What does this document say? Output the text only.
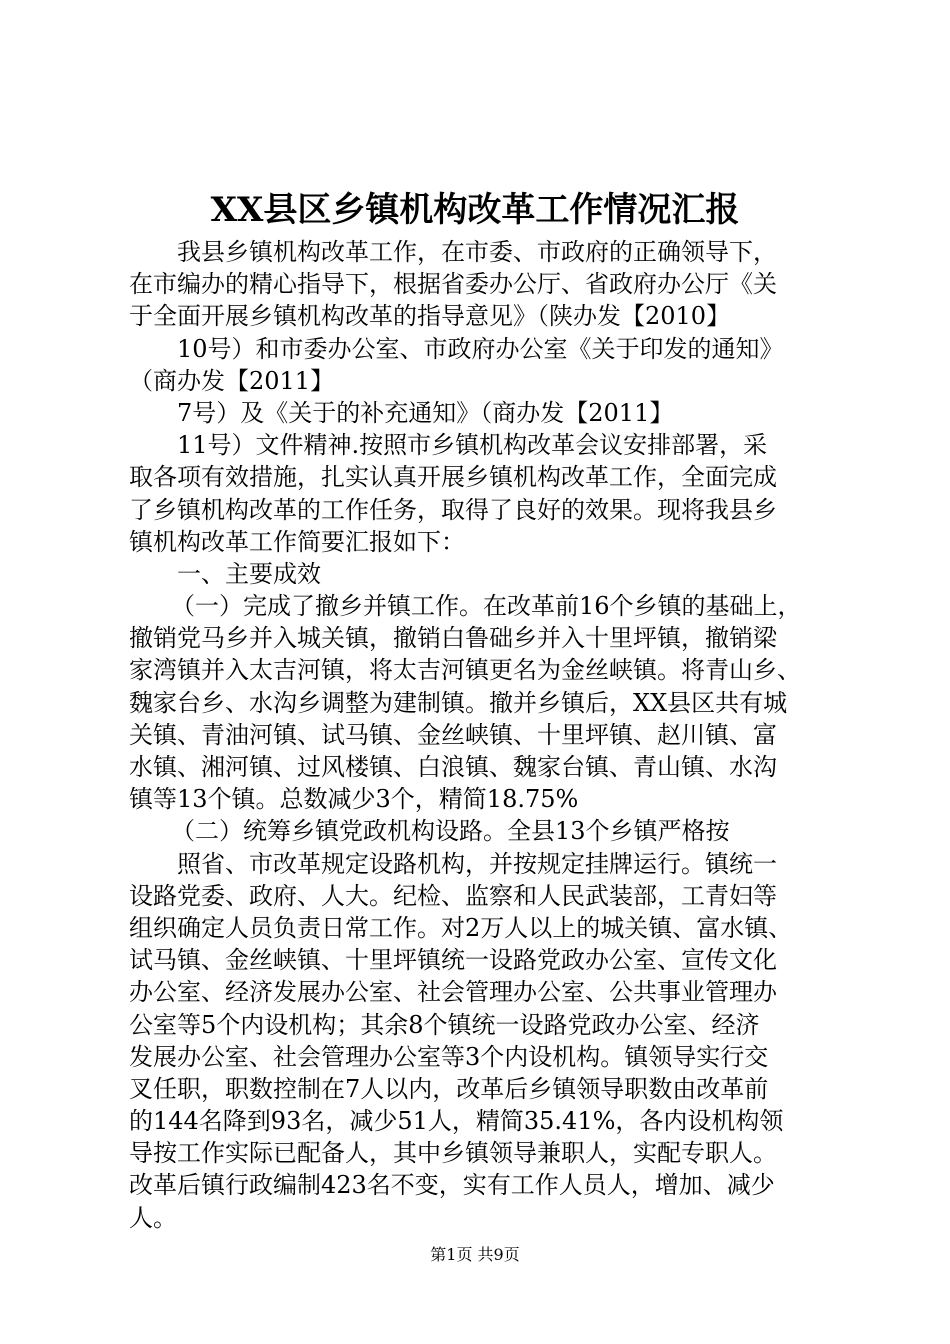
XX县区乡镇机构改革工作情况汇报
我县乡镇机构改革工作，在市委、市政府的正确领导下，
在市编办的精心指导下，根据省委办公厅、省政府办公厅《关
于全面开展乡镇机构改革的指导意见》（陕办发【2010】
10号）和市委办公室、市政府办公室《关于印发的通知》
（商办发【2011】
7号）及《关于的补充通知》（商办发【2011】
11号）文件精神.按照市乡镇机构改革会议安排部署，采
取各项有效措施，扎实认真开展乡镇机构改革工作，全面完成
了乡镇机构改革的工作任务，取得了良好的效果。现将我县乡
镇机构改革工作简要汇报如下：
一、主要成效
（一）完成了撤乡并镇工作。在改革前16个乡镇的基础上，
撤销党马乡并入城关镇，撤销白鲁础乡并入十里坪镇，撤销梁
家湾镇并入太吉河镇，将太吉河镇更名为金丝峡镇。将青山乡、
魏家台乡、水沟乡调整为建制镇。撤并乡镇后，XX县区共有城
关镇、青油河镇、试马镇、金丝峡镇、十里坪镇、赵川镇、富
水镇、湘河镇、过风楼镇、白浪镇、魏家台镇、青山镇、水沟
镇等13个镇。总数减少3个，精简18.75%
（二）统筹乡镇党政机构设路。全县13个乡镇严格按
照省、市改革规定设路机构，并按规定挂牌运行。镇统一
设路党委、政府、人大。纪检、监察和人民武装部，工青妇等
组织确定人员负责日常工作。对2万人以上的城关镇、富水镇、
试马镇、金丝峡镇、十里坪镇统一设路党政办公室、宣传文化
办公室、经济发展办公室、社会管理办公室、公共事业管理办
公室等5个内设机构；其余8个镇统一设路党政办公室、经济
发展办公室、社会管理办公室等3个内设机构。镇领导实行交
叉任职，职数控制在7人以内，改革后乡镇领导职数由改革前
的144名降到93名，减少51人，精简35.41%，各内设机构领
导按工作实际已配备人，其中乡镇领导兼职人，实配专职人。
改革后镇行政编制423名不变，实有工作人员人，增加、减少
人。
第1页 共9页
